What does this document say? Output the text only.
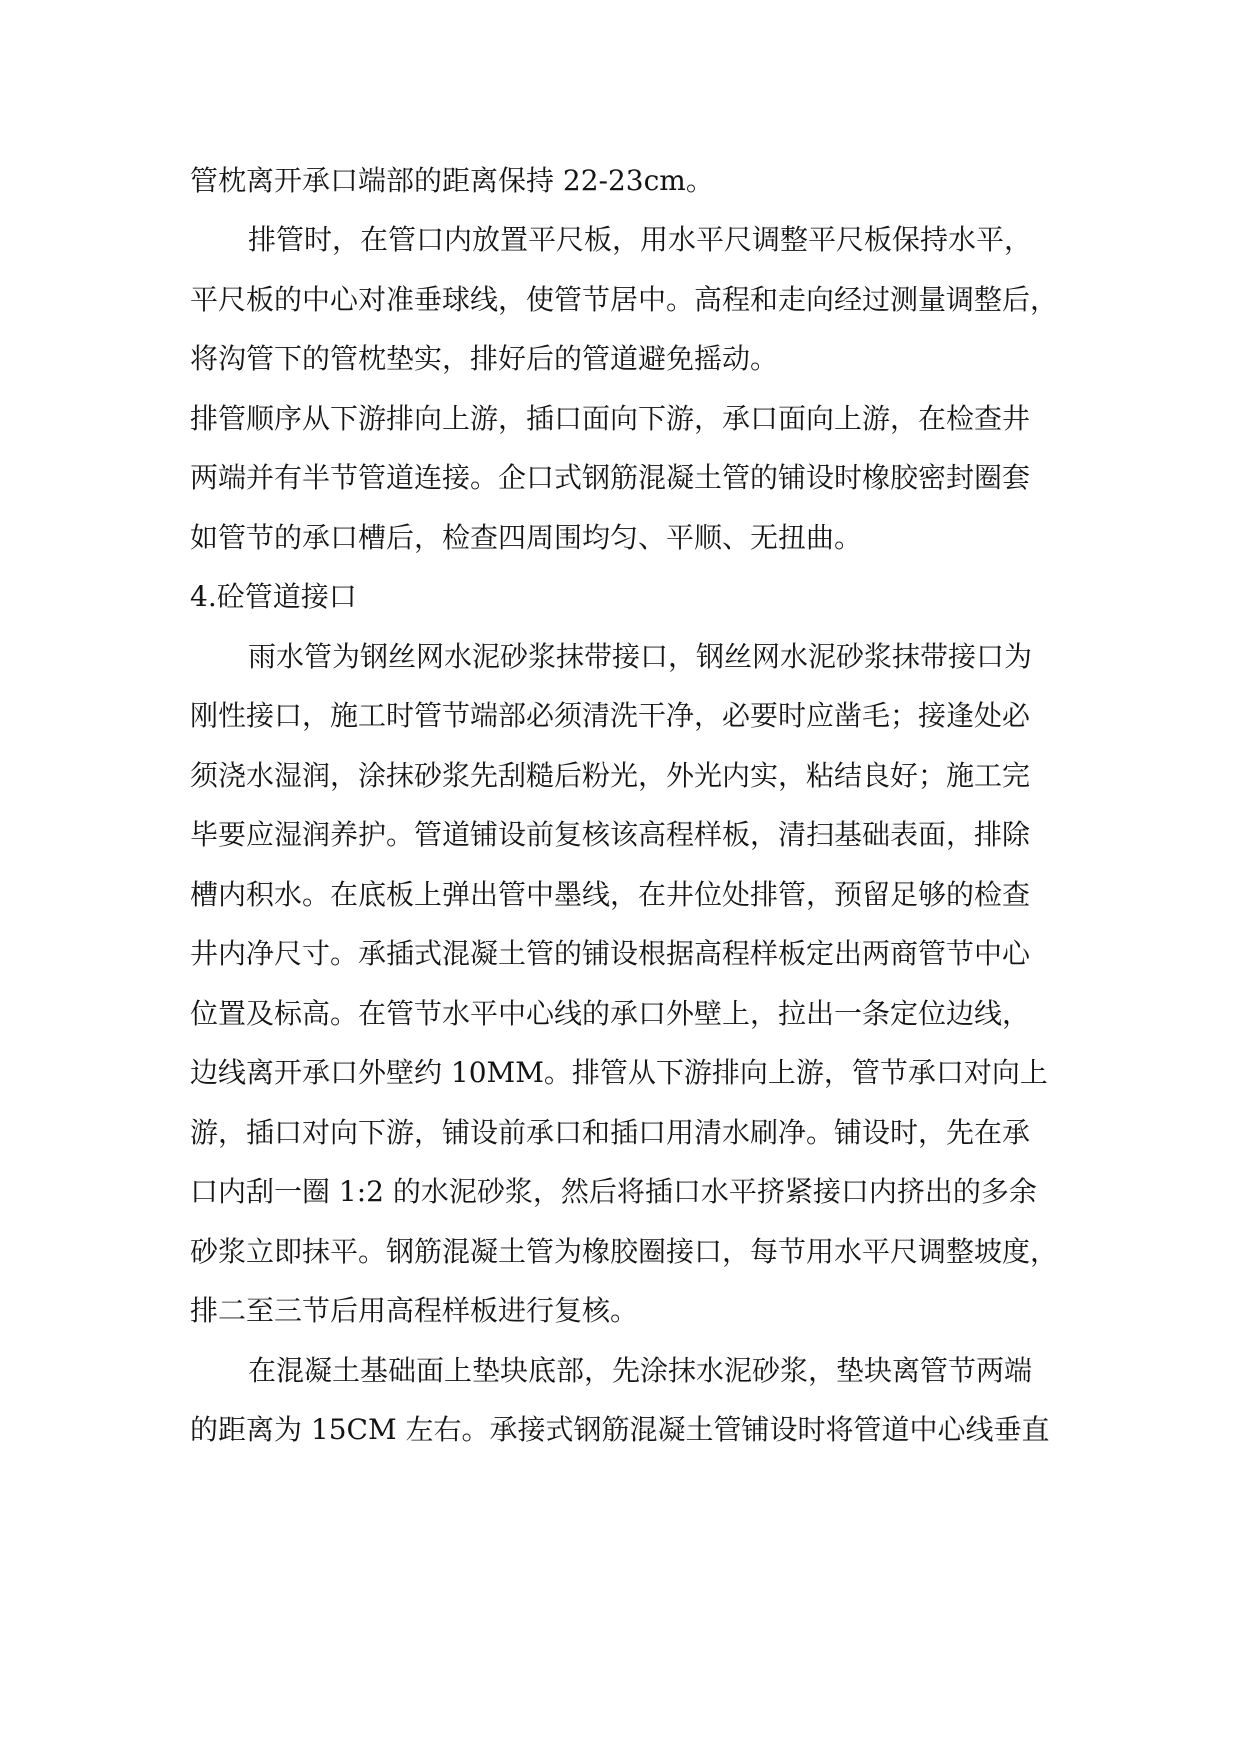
管枕离开承口端部的距离保持 22-23cm。
排管时，在管口内放置平尺板，用水平尺调整平尺板保持水平，
平尺板的中心对准垂球线，使管节居中。高程和走向经过测量调整后，
将沟管下的管枕垫实，排好后的管道避免摇动。
排管顺序从下游排向上游，插口面向下游，承口面向上游，在检查井
两端并有半节管道连接。企口式钢筋混凝土管的铺设时橡胶密封圈套
如管节的承口槽后，检查四周围均匀、平顺、无扭曲。
4.砼管道接口
雨水管为钢丝网水泥砂浆抹带接口，钢丝网水泥砂浆抹带接口为
刚性接口，施工时管节端部必须清洗干净，必要时应凿毛；接逢处必
须浇水湿润，涂抹砂浆先刮糙后粉光，外光内实，粘结良好；施工完
毕要应湿润养护。管道铺设前复核该高程样板，清扫基础表面，排除
槽内积水。在底板上弹出管中墨线，在井位处排管，预留足够的检查
井内净尺寸。承插式混凝土管的铺设根据高程样板定出两商管节中心
位置及标高。在管节水平中心线的承口外壁上，拉出一条定位边线，
边线离开承口外壁约 10MM。排管从下游排向上游，管节承口对向上
游，插口对向下游，铺设前承口和插口用清水刷净。铺设时，先在承
口内刮一圈 1:2 的水泥砂浆，然后将插口水平挤紧接口内挤出的多余
砂浆立即抹平。钢筋混凝土管为橡胶圈接口，每节用水平尺调整坡度，
排二至三节后用高程样板进行复核。
在混凝土基础面上垫块底部，先涂抹水泥砂浆，垫块离管节两端
的距离为 15CM 左右。承接式钢筋混凝土管铺设时将管道中心线垂直
